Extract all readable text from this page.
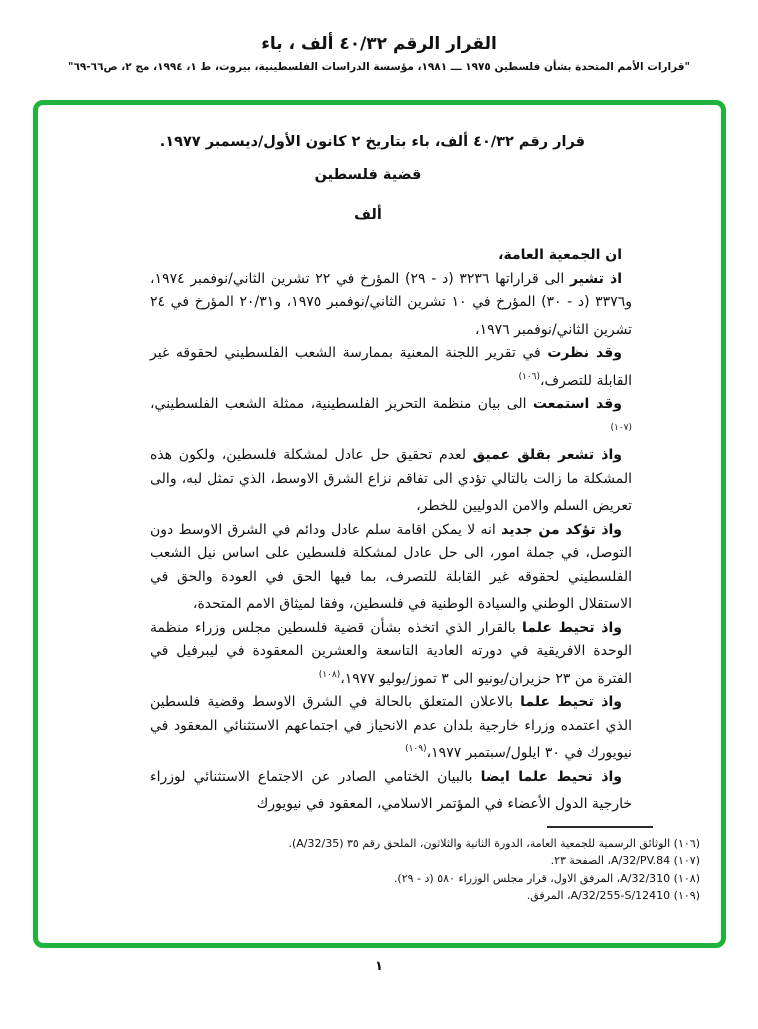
القرار الرقم ٤٠/٣٢ ألف ، باء
"قرارات الأمم المتحدة بشأن فلسطين ١٩٧٥ ـــ ١٩٨١، مؤسسة الدراسات الفلسطينية، بيروت، ط ١، ١٩٩٤، مج ٢، ص٦٦-٦٩"

قرار رقم ٤٠/٣٢ ألف، باء بتاريخ ٢ كانون الأول/ديسمبر ١٩٧٧.

قضية فلسطين

ألف

ان الجمعية العامة،

اذ تشير الى قراراتها ٣٢٣٦ (د - ٢٩) المؤرخ في ٢٢ تشرين الثاني/نوفمبر ١٩٧٤، و٣٣٧٦ (د - ٣٠) المؤرخ في ١٠ تشرين الثاني/نوفمبر ١٩٧٥، و٢٠/٣١ المؤرخ في ٢٤ تشرين الثاني/نوفمبر ١٩٧٦،

وقد نظرت في تقرير اللجنة المعنية بممارسة الشعب الفلسطيني لحقوقه غير القابلة للتصرف،$^{(١٠٦)}$

وقد استمعت الى بيان منظمة التحرير الفلسطينية، ممثلة الشعب الفلسطيني،$^{(١٠٧)}$

واذ تشعر بقلق عميق لعدم تحقيق حل عادل لمشكلة فلسطين، ولكون هذه المشكلة ما زالت بالتالي تؤدي الى تفاقم نزاع الشرق الاوسط، الذي تمثل لبه، والى تعريض السلم والامن الدوليين للخطر،

واذ تؤكد من جديد انه لا يمكن اقامة سلم عادل ودائم في الشرق الاوسط دون التوصل، في جملة امور، الى حل عادل لمشكلة فلسطين على اساس نيل الشعب الفلسطيني لحقوقه غير القابلة للتصرف، بما فيها الحق في العودة والحق في الاستقلال الوطني والسيادة الوطنية في فلسطين، وفقا لميثاق الامم المتحدة،

واذ تحيط علما بالقرار الذي اتخذه بشأن قضية فلسطين مجلس وزراء منظمة الوحدة الافريقية في دورته العادية التاسعة والعشرين المعقودة في ليبرفيل في الفترة من ٢٣ حزيران/يونيو الى ٣ تموز/يوليو ١٩٧٧،$^{(١٠٨)}$

واذ تحيط علما بالاعلان المتعلق بالحالة في الشرق الاوسط وقضية فلسطين الذي اعتمده وزراء خارجية بلدان عدم الانحياز في اجتماعهم الاستثنائي المعقود في نيويورك في ٣٠ ايلول/سبتمبر ١٩٧٧،$^{(١٠٩)}$

واذ تحيط علما ايضا بالبيان الختامي الصادر عن الاجتماع الاستثنائي لوزراء خارجية الدول الأعضاء في المؤتمر الاسلامي، المعقود في نيويورك

(١٠٦) الوثائق الرسمية للجمعية العامة، الدورة الثانية والثلاثون، الملحق رقم ٣٥ (A/32/35).

(١٠٧) A/32/PV.84، الصفحة ٢٣.

(١٠٨) A/32/310، المرفق الاول، قرار مجلس الوزراء ٥٨٠ (د - ٢٩).

(١٠٩) A/32/255-S/12410، المرفق.

١
